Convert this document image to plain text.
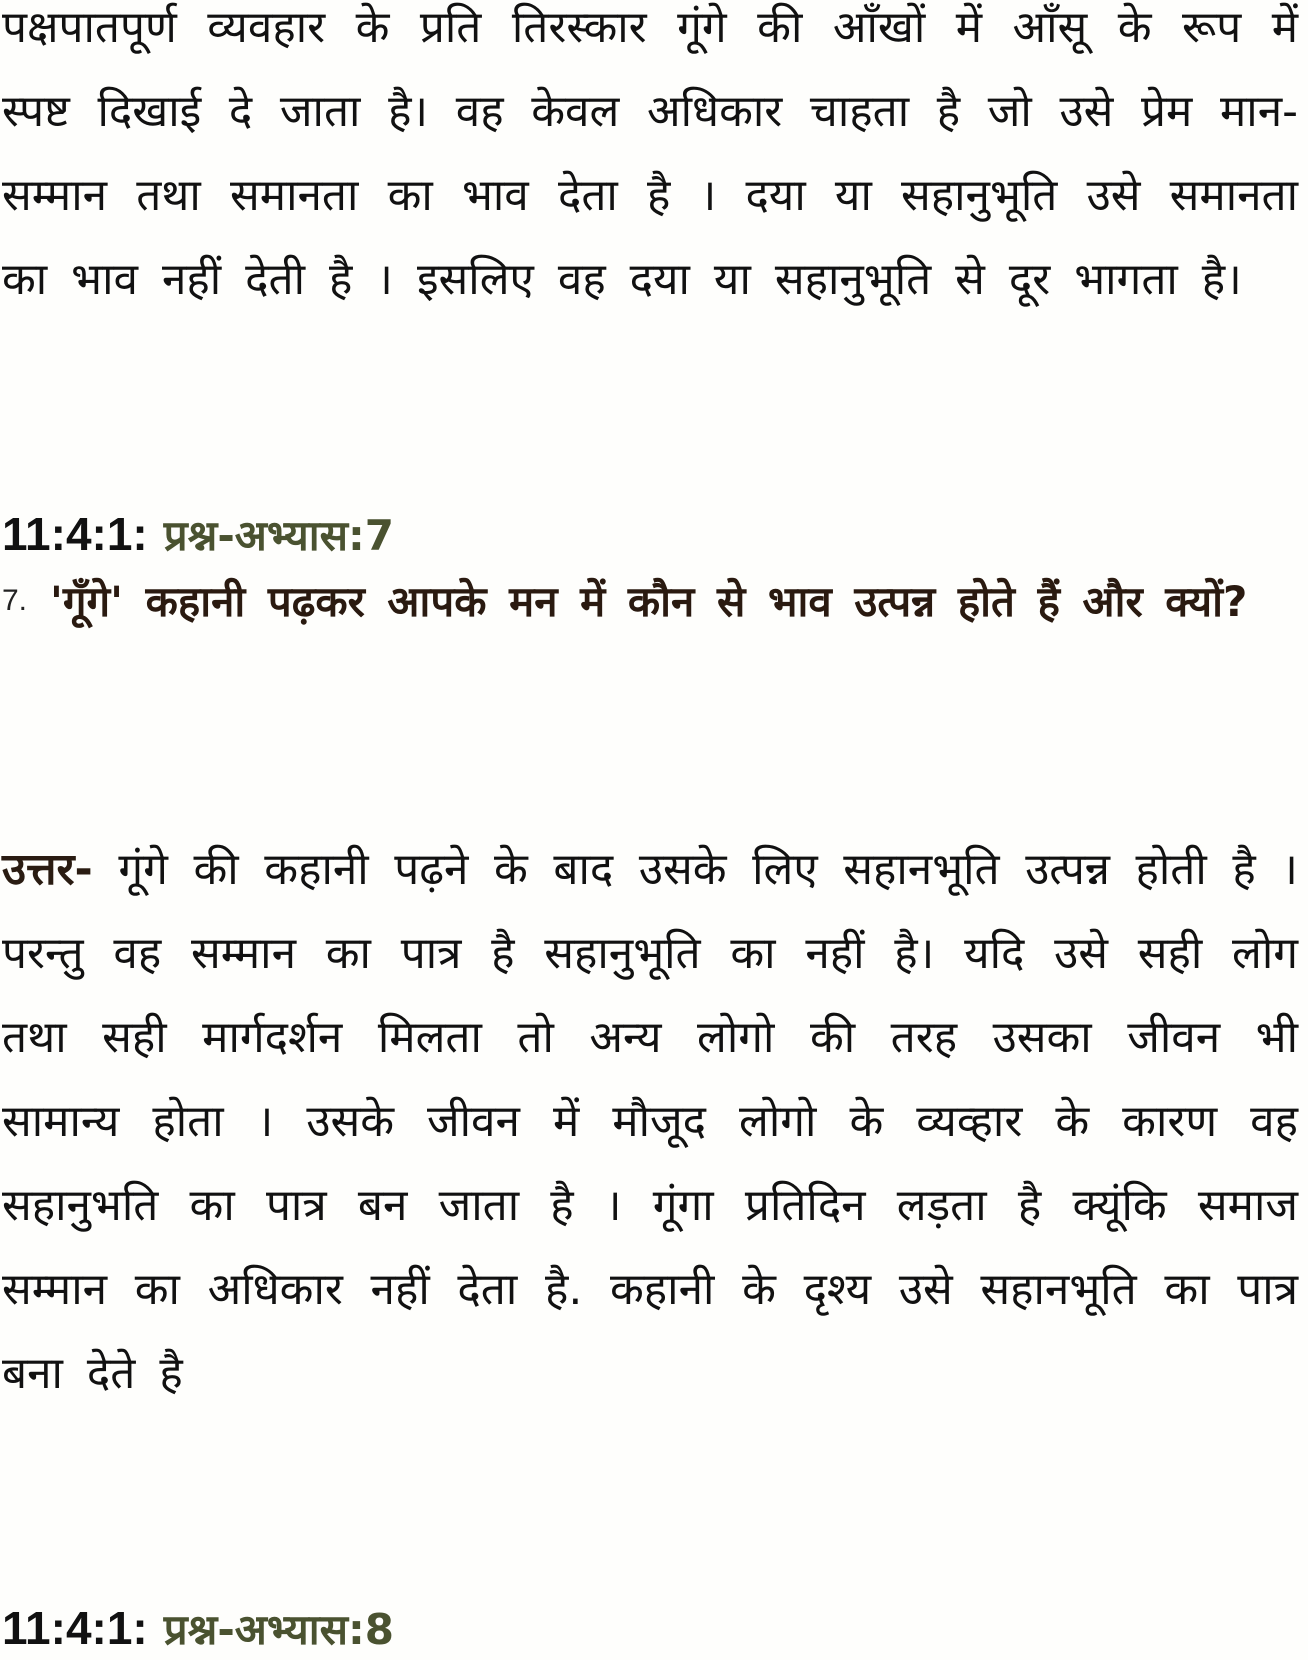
पक्षपातपूर्ण व्यवहार के प्रति तिरस्कार गूंगे की आँखों में आँसू के रूप में स्पष्ट दिखाई दे जाता है। वह केवल अधिकार चाहता है जो उसे प्रेम मान-सम्मान तथा समानता का भाव देता है । दया या सहानुभूति उसे समानता का भाव नहीं देती है । इसलिए वह दया या सहानुभूति से दूर भागता है।

11:4:1: प्रश्न-अभ्यास:7
7. 'गूँगे' कहानी पढ़कर आपके मन में कौन से भाव उत्पन्न होते हैं और क्यों?

उत्तर- गूंगे की कहानी पढ़ने के बाद उसके लिए सहानभूति उत्पन्न होती है । परन्तु वह सम्मान का पात्र है सहानुभूति का नहीं है। यदि उसे सही लोग तथा सही मार्गदर्शन मिलता तो अन्य लोगो की तरह उसका जीवन भी सामान्य होता । उसके जीवन में मौजूद लोगो के व्यव्हार के कारण वह सहानुभति का पात्र बन जाता है । गूंगा प्रतिदिन लड़ता है क्यूंकि समाज सम्मान का अधिकार नहीं देता है. कहानी के दृश्य उसे सहानभूति का पात्र बना देते है

11:4:1: प्रश्न-अभ्यास:8
